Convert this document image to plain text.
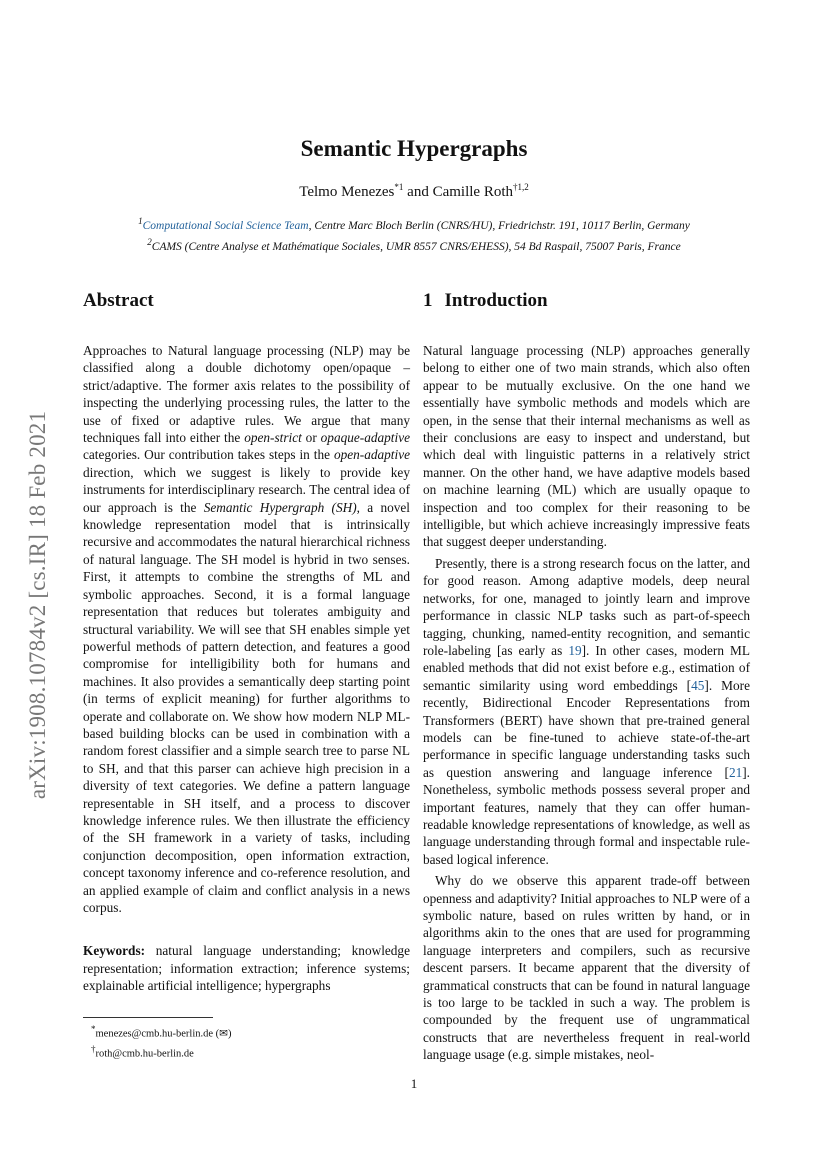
arXiv:1908.10784v2 [cs.IR] 18 Feb 2021
Semantic Hypergraphs
Telmo Menezes$^{*1}$ and Camille Roth$^{\dagger 1,2}$
$^1$Computational Social Science Team, Centre Marc Bloch Berlin (CNRS/HU), Friedrichstr. 191, 10117 Berlin, Germany
$^2$CAMS (Centre Analyse et Mathématique Sociales, UMR 8557 CNRS/EHESS), 54 Bd Raspail, 75007 Paris, France
Abstract

Approaches to Natural language processing (NLP) may be classified along a double dichotomy open/opaque – strict/adaptive. The former axis relates to the possibility of inspecting the underlying processing rules, the latter to the use of fixed or adaptive rules. We argue that many techniques fall into either the open-strict or opaque-adaptive categories. Our contribution takes steps in the open-adaptive direction, which we suggest is likely to provide key instruments for interdisciplinary research. The central idea of our approach is the Semantic Hypergraph (SH), a novel knowledge representation model that is intrinsically recursive and accommodates the natural hierarchical richness of natural language. The SH model is hybrid in two senses. First, it attempts to combine the strengths of ML and symbolic approaches. Second, it is a formal language representation that reduces but tolerates ambiguity and structural variability. We will see that SH enables simple yet powerful methods of pattern detection, and features a good compromise for intelligibility both for humans and machines. It also provides a semantically deep starting point (in terms of explicit meaning) for further algorithms to operate and collaborate on. We show how modern NLP ML-based building blocks can be used in combination with a random forest classifier and a simple search tree to parse NL to SH, and that this parser can achieve high precision in a diversity of text categories. We define a pattern language representable in SH itself, and a process to discover knowledge inference rules. We then illustrate the efficiency of the SH framework in a variety of tasks, including conjunction decomposition, open information extraction, concept taxonomy inference and co-reference resolution, and an applied example of claim and conflict analysis in a news corpus.

Keywords: natural language understanding; knowledge representation; information extraction; inference systems; explainable artificial intelligence; hypergraphs

1 Introduction

Natural language processing (NLP) approaches generally belong to either one of two main strands, which also often appear to be mutually exclusive. On the one hand we essentially have symbolic methods and models which are open, in the sense that their internal mechanisms as well as their conclusions are easy to inspect and understand, but which deal with linguistic patterns in a relatively strict manner. On the other hand, we have adaptive models based on machine learning (ML) which are usually opaque to inspection and too complex for their reasoning to be intelligible, but which achieve increasingly impressive feats that suggest deeper understanding.

Presently, there is a strong research focus on the latter, and for good reason. Among adaptive models, deep neural networks, for one, managed to jointly learn and improve performance in classic NLP tasks such as part-of-speech tagging, chunking, named-entity recognition, and semantic role-labeling [as early as 19]. In other cases, modern ML enabled methods that did not exist before e.g., estimation of semantic similarity using word embeddings [45]. More recently, Bidirectional Encoder Representations from Transformers (BERT) have shown that pre-trained general models can be fine-tuned to achieve state-of-the-art performance in specific language understanding tasks such as question answering and language inference [21]. Nonetheless, symbolic methods possess several proper and important features, namely that they can offer human-readable knowledge representations of knowledge, as well as language understanding through formal and inspectable rule-based logical inference.

Why do we observe this apparent trade-off between openness and adaptivity? Initial approaches to NLP were of a symbolic nature, based on rules written by hand, or in algorithms akin to the ones that are used for programming language interpreters and compilers, such as recursive descent parsers. It became apparent that the diversity of grammatical constructs that can be found in natural language is too large to be tackled in such a way. The problem is compounded by the frequent use of ungrammatical constructs that are nevertheless frequent in real-world language usage (e.g. simple mistakes, neol-

*menezes@cmb.hu-berlin.de (✉)
†roth@cmb.hu-berlin.de
1
